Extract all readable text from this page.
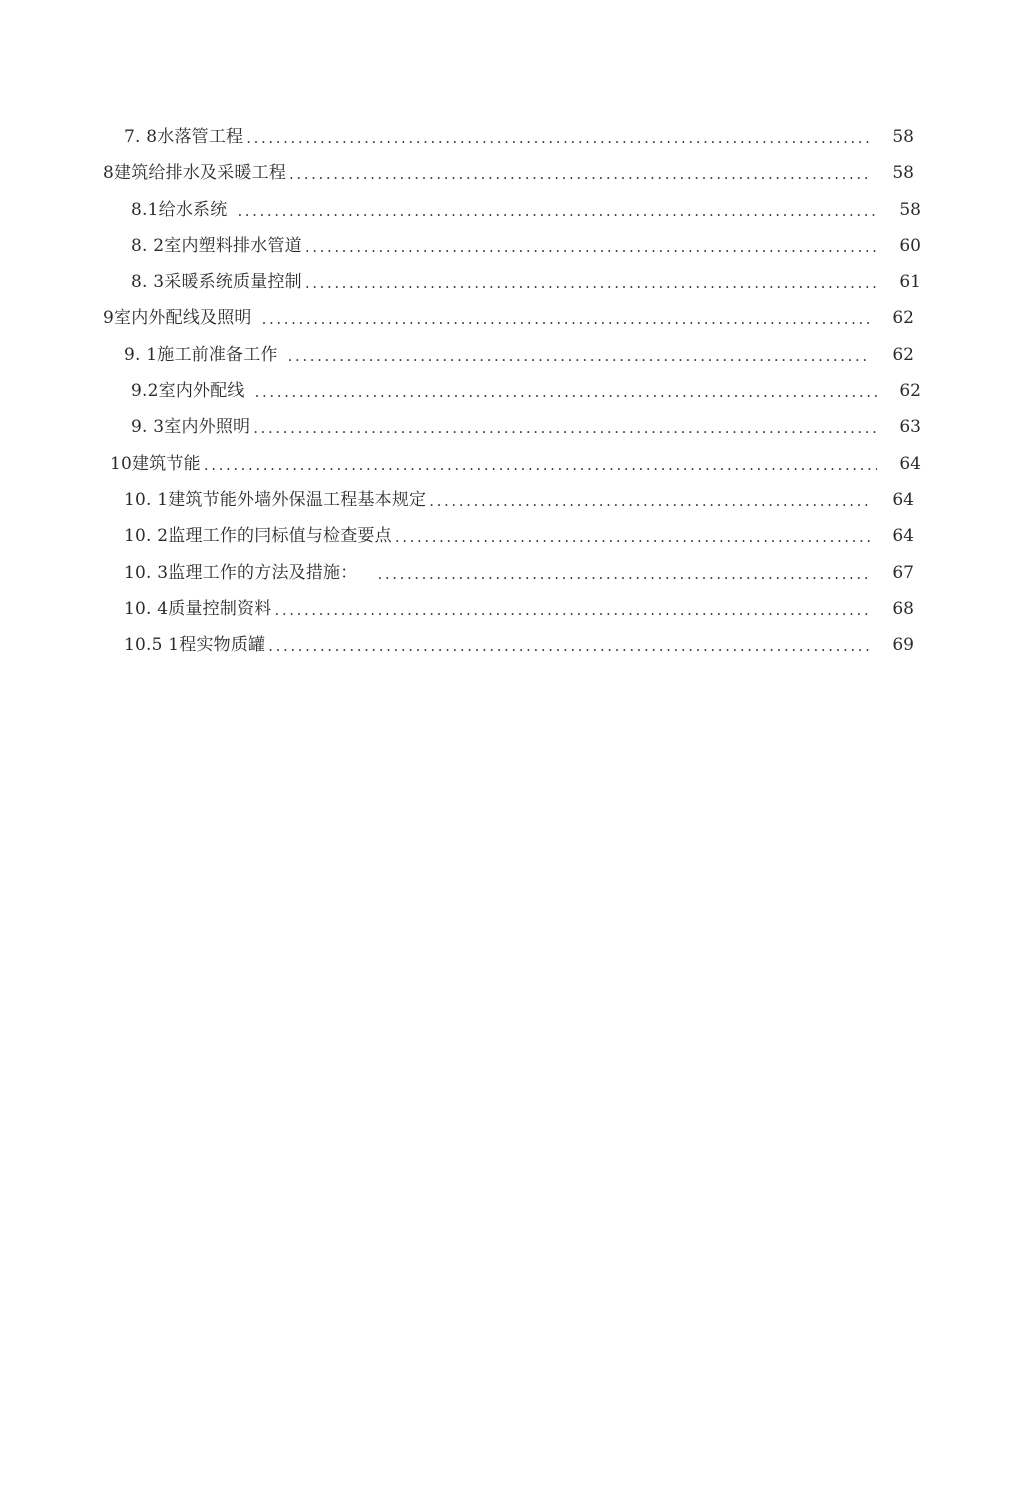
7. 8水落管工程 .....	58
8建筑给排水及采暖工程 .....	58
8.1给水系统 .....	58
8. 2室内塑料排水管道 .....	60
8. 3采暖系统质量控制 .....	61
9室内外配线及照明 .....	62
9. 1施工前准备工作 .....	62
9.2室内外配线 .....	62
9. 3室内外照明 .....	63
10建筑节能 .....	64
10. 1建筑节能外墙外保温工程基本规定 .....	64
10. 2监理工作的冃标值与检查要点 .....	64
10. 3监理工作的方法及措施： .....	67
10. 4质量控制资料 .....	68
10.5 1程实物质罐 .....	69
